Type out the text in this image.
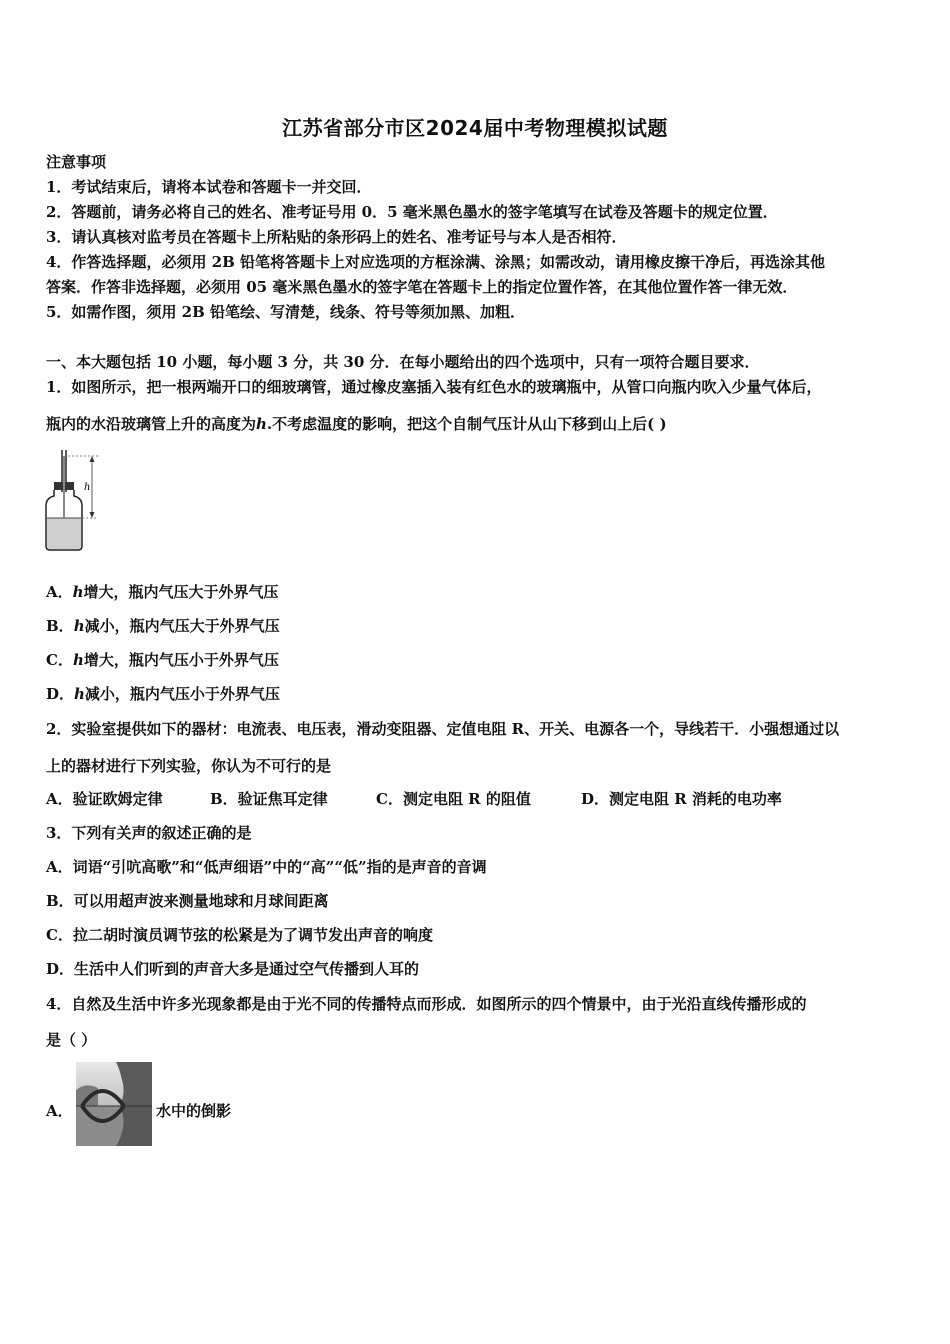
江苏省部分市区2024届中考物理模拟试题
注意事项
1．考试结束后，请将本试卷和答题卡一并交回．
2．答题前，请务必将自己的姓名、准考证号用 0．5 毫米黑色墨水的签字笔填写在试卷及答题卡的规定位置．
3．请认真核对监考员在答题卡上所粘贴的条形码上的姓名、准考证号与本人是否相符．
4．作答选择题，必须用 2B 铅笔将答题卡上对应选项的方框涂满、涂黑；如需改动，请用橡皮擦干净后，再选涂其他
答案．作答非选择题，必须用 05 毫米黑色墨水的签字笔在答题卡上的指定位置作答，在其他位置作答一律无效．
5．如需作图，须用 2B 铅笔绘、写清楚，线条、符号等须加黑、加粗．
一、本大题包括 10 小题，每小题 3 分，共 30 分．在每小题给出的四个选项中，只有一项符合题目要求．
1．如图所示，把一根两端开口的细玻璃管，通过橡皮塞插入装有红色水的玻璃瓶中，从管口向瓶内吹入少量气体后，
瓶内的水沿玻璃管上升的高度为h.不考虑温度的影响，把这个自制气压计从山下移到山上后( )
h
A．h增大，瓶内气压大于外界气压
B．h减小，瓶内气压大于外界气压
C．h增大，瓶内气压小于外界气压
D．h减小，瓶内气压小于外界气压
2．实验室提供如下的器材：电流表、电压表，滑动变阻器、定值电阻 R、开关、电源各一个，导线若干．小强想通过以
上的器材进行下列实验，你认为不可行的是
A．验证欧姆定律	B．验证焦耳定律	C．测定电阻 R 的阻值	D．测定电阻 R 消耗的电功率
3．下列有关声的叙述正确的是
A．词语“引吭高歌”和“低声细语”中的“高”“低”指的是声音的音调
B．可以用超声波来测量地球和月球间距离
C．拉二胡时演员调节弦的松紧是为了调节发出声音的响度
D．生活中人们听到的声音大多是通过空气传播到人耳的
4．自然及生活中许多光现象都是由于光不同的传播特点而形成．如图所示的四个情景中，由于光沿直线传播形成的
是（ ）
A．	水中的倒影
